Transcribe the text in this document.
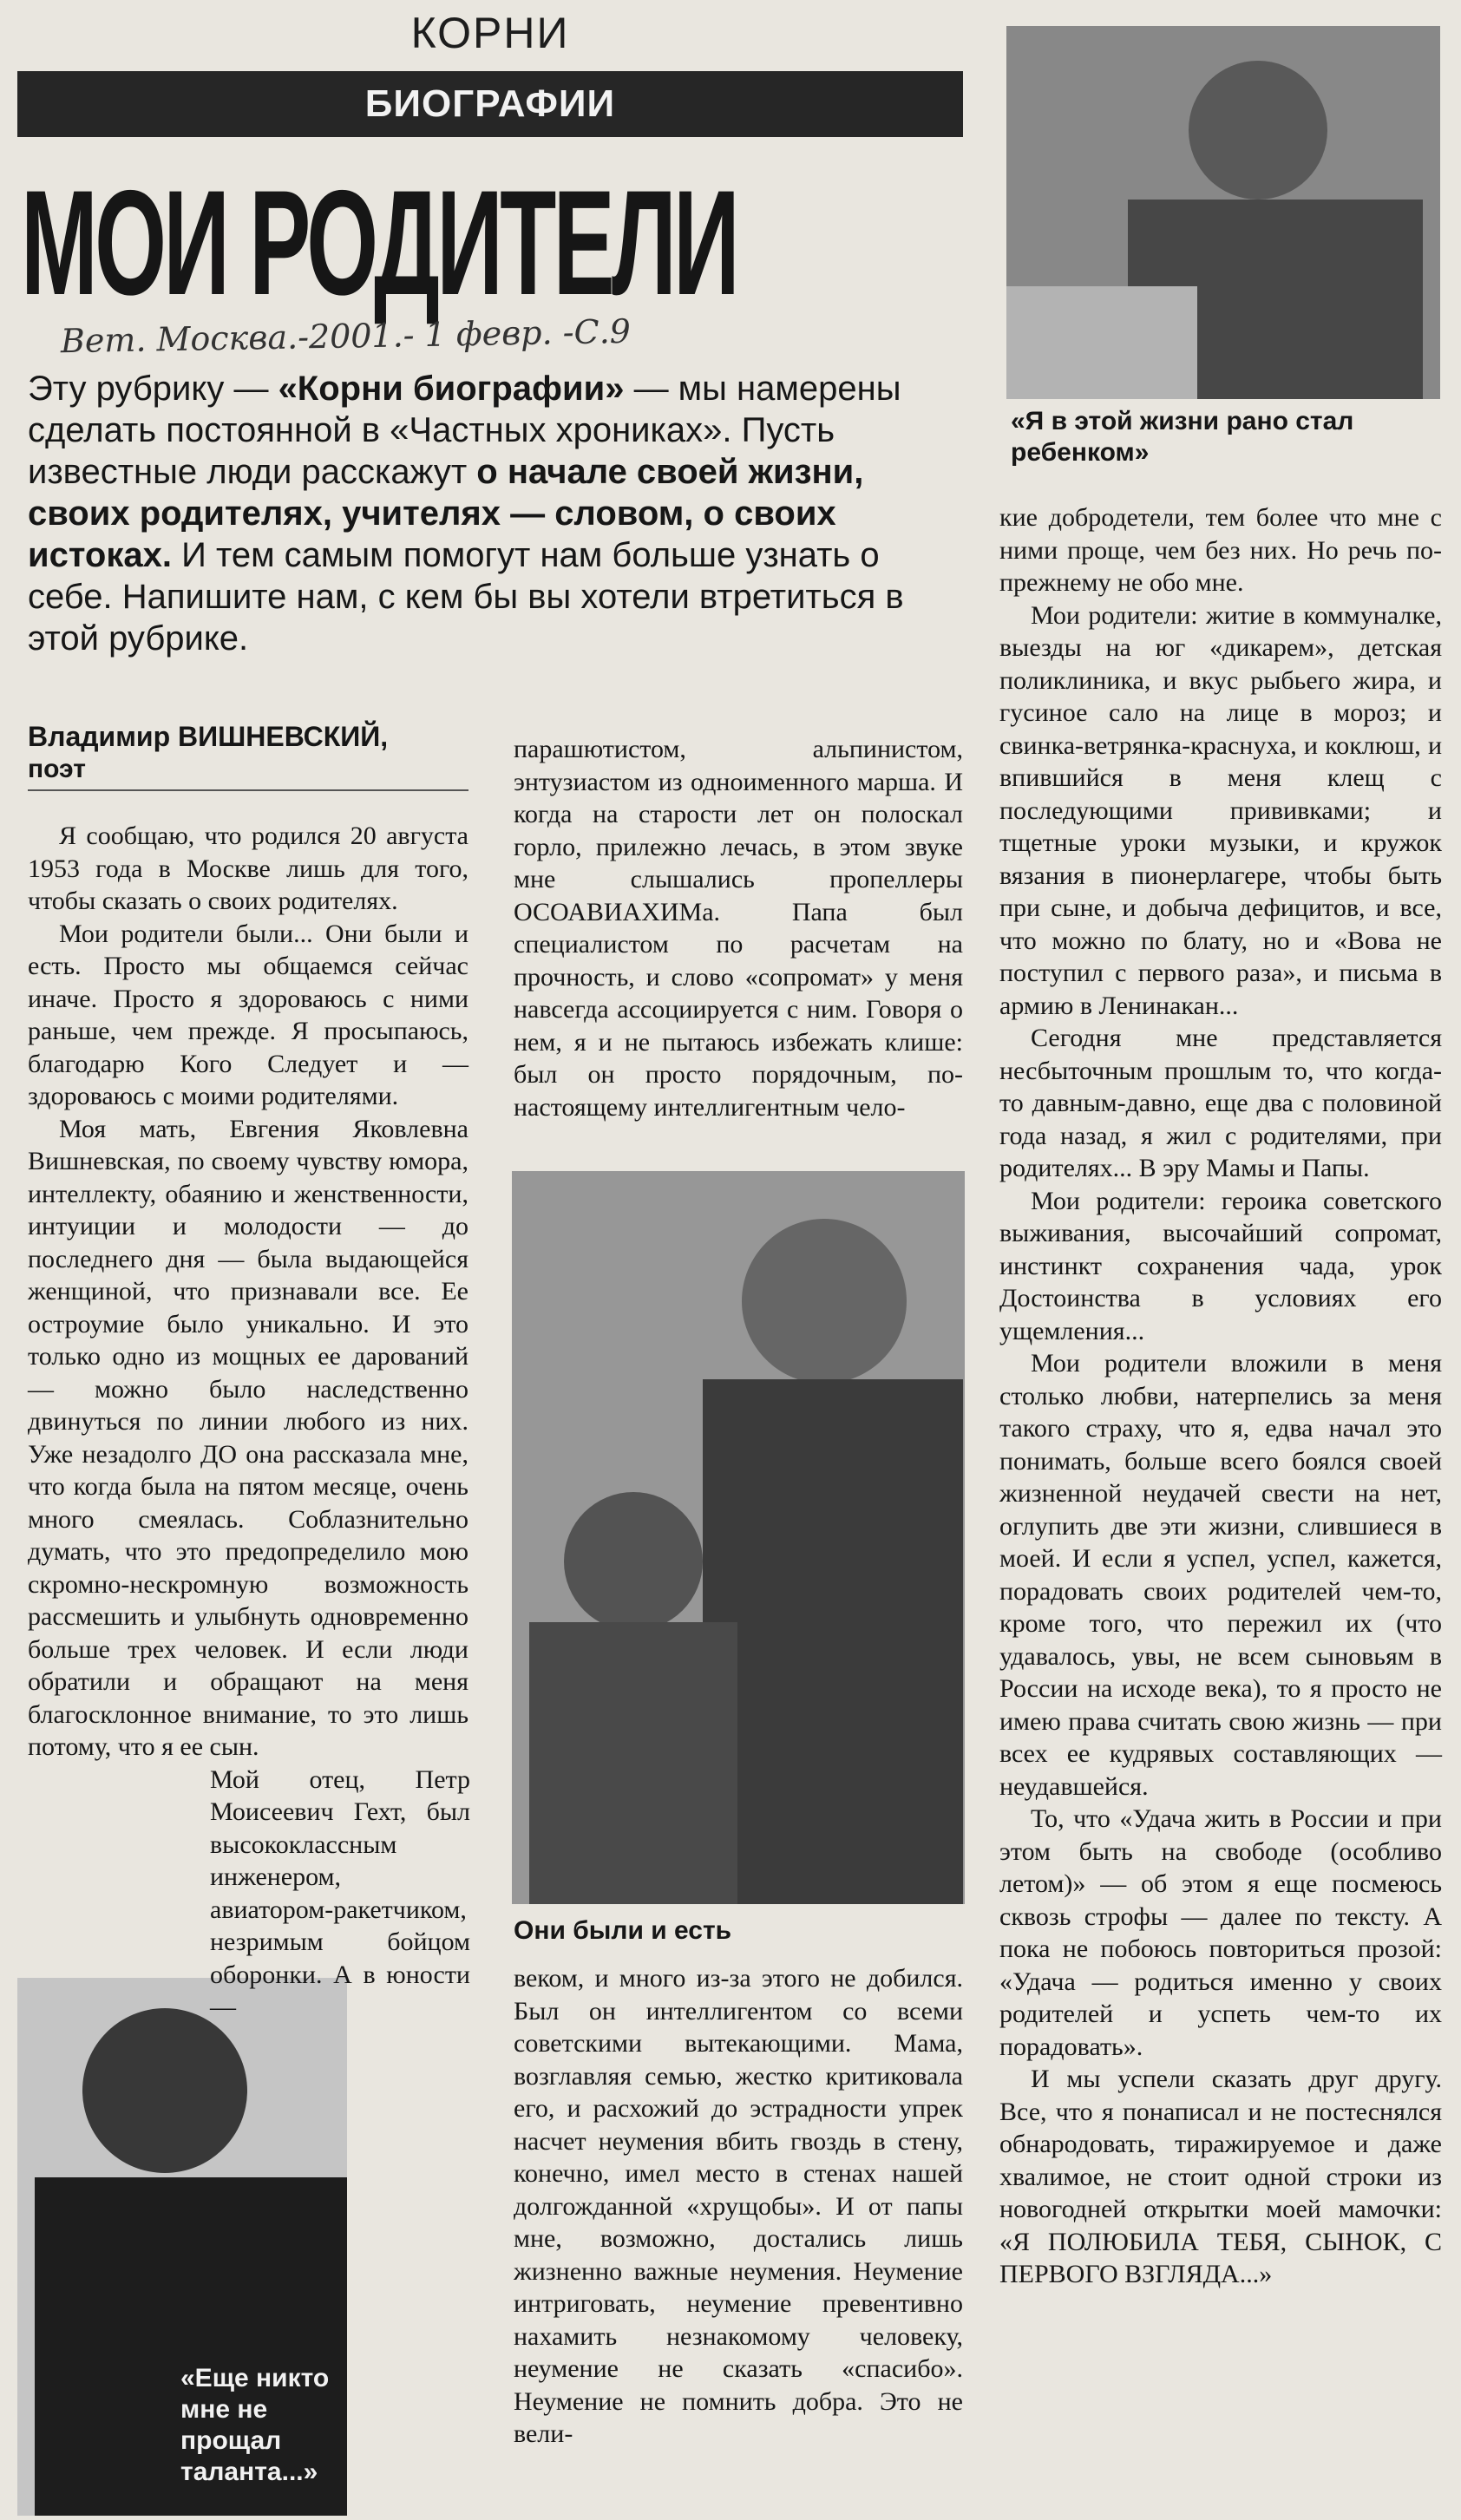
КОРНИ
БИОГРАФИИ
МОИ РОДИТЕЛИ
Вет. Москва.-2001.- 1 февр. -С.9
Эту рубрику — «Корни биографии» — мы намерены сделать постоянной в «Частных хрониках». Пусть известные люди расскажут о начале своей жизни, своих родителях, учителях — словом, о своих истоках. И тем самым помогут нам больше узнать о себе. Напишите нам, с кем бы вы хотели втретиться в этой рубрике.
Владимир ВИШНЕВСКИЙ,
поэт
«Я в этой жизни рано стал ребенком»
Они были и есть
«Еще никто мне не прощал таланта...»

Я сообщаю, что родился 20 августа 1953 года в Москве лишь для того, чтобы сказать о своих родителях.

Мои родители были... Они были и есть. Просто мы общаемся сейчас иначе. Просто я здороваюсь с ними раньше, чем прежде. Я просыпаюсь, благодарю Кого Следует и — здороваюсь с моими родителями.

Моя мать, Евгения Яковлевна Вишневская, по своему чувству юмора, интеллекту, обаянию и женственности, интуиции и молодости — до последнего дня — была выдающейся женщиной, что признавали все. Ее остроумие было уникально. И это только одно из мощных ее дарований — можно было наследственно двинуться по линии любого из них. Уже незадолго ДО она рассказала мне, что когда была на пятом месяце, очень много смеялась. Соблазнительно думать, что это предопределило мою скромно-нескромную возможность рассмешить и улыбнуть одновременно больше трех человек. И если люди обратили и обращают на меня благосклонное внимание, то это лишь потому, что я ее сын.

Мой отец, Петр Моисеевич Гехт, был высококлассным инженером, авиатором-ракетчиком, незримым бойцом оборонки. А в юности —

парашютистом, альпинистом, энтузиастом из одноименного марша. И когда на старости лет он полоскал горло, прилежно лечась, в этом звуке мне слышались пропеллеры ОСОАВИАХИМа. Папа был специалистом по расчетам на прочность, и слово «сопромат» у меня навсегда ассоциируется с ним. Говоря о нем, я и не пытаюсь избежать клише: был он просто порядочным, по-настоящему интеллигентным чело-

веком, и много из-за этого не добился. Был он интеллигентом со всеми советскими вытекающими. Мама, возглавляя семью, жестко критиковала его, и расхожий до эстрадности упрек насчет неумения вбить гвоздь в стену, конечно, имел место в стенах нашей долгожданной «хрущобы». И от папы мне, возможно, достались лишь жизненно важные неумения. Неумение интриговать, неумение превентивно нахамить незнакомому человеку, неумение не сказать «спасибо». Неумение не помнить добра. Это не вели-

кие добродетели, тем более что мне с ними проще, чем без них. Но речь по-прежнему не обо мне.

Мои родители: житие в коммуналке, выезды на юг «дикарем», детская поликлиника, и вкус рыбьего жира, и гусиное сало на лице в мороз; и свинка-ветрянка-краснуха, и коклюш, и впившийся в меня клещ с последующими прививками; и тщетные уроки музыки, и кружок вязания в пионерлагере, чтобы быть при сыне, и добыча дефицитов, и все, что можно по блату, но и «Вова не поступил с первого раза», и письма в армию в Ленинакан...

Сегодня мне представляется несбыточным прошлым то, что когда-то давным-давно, еще два с половиной года назад, я жил с родителями, при родителях... В эру Мамы и Папы.

Мои родители: героика советского выживания, высочайший сопромат, инстинкт сохранения чада, урок Достоинства в условиях его ущемления...

Мои родители вложили в меня столько любви, натерпелись за меня такого страху, что я, едва начал это понимать, больше всего боялся своей жизненной неудачей свести на нет, оглупить две эти жизни, слившиеся в моей. И если я успел, успел, кажется, порадовать своих родителей чем-то, кроме того, что пережил их (что удавалось, увы, не всем сыновьям в России на исходе века), то я просто не имею права считать свою жизнь — при всех ее кудрявых составляющих — неудавшейся.

То, что «Удача жить в России и при этом быть на свободе (особливо летом)» — об этом я еще посмеюсь сквозь строфы — далее по тексту. А пока не побоюсь повториться прозой: «Удача — родиться именно у своих родителей и успеть чем-то их порадовать».

И мы успели сказать друг другу. Все, что я понаписал и не постеснялся обнародовать, тиражируемое и даже хвалимое, не стоит одной строки из новогодней открытки моей мамочки: «Я ПОЛЮБИЛА ТЕБЯ, СЫНОК, С ПЕРВОГО ВЗГЛЯДА...»
